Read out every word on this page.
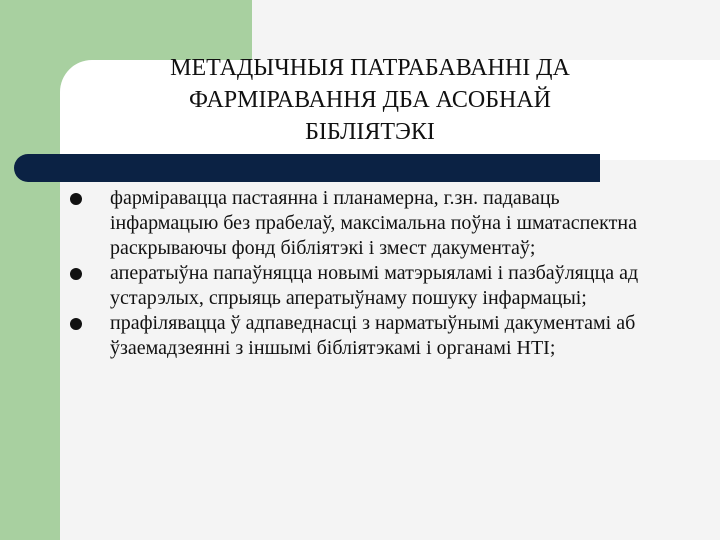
МЕТАДЫЧНЫЯ ПАТРАБАВАННІ ДА
ФАРМІРАВАННЯ ДБА АСОБНАЙ
БІБЛІЯТЭКІ
фарміравацца пастаянна і планамерна, г.зн. падаваць інфармацыю без прабелаў, максімальна поўна і шматаспектна раскрываючы фонд бібліятэкі і змест дакументаў;
аператыўна папаўняцца новымі матэрыяламі і пазбаўляцца ад устарэлых, спрыяць аператыўнаму пошуку інфармацыі;
прафілявацца ў адпаведнасці з нарматыўнымі дакументамі аб ўзаемадзеянні з іншымі бібліятэкамі і органамі НТІ;
